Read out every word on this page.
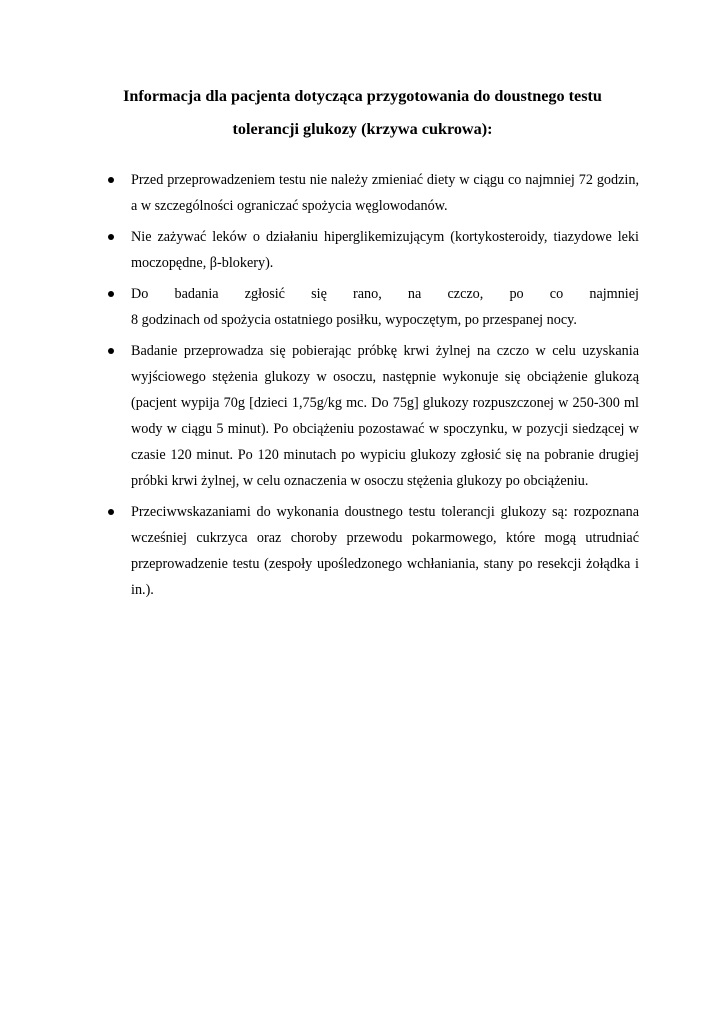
Informacja dla pacjenta dotycząca przygotowania do doustnego testu
tolerancji glukozy (krzywa cukrowa):
Przed przeprowadzeniem testu nie należy zmieniać diety w ciągu co najmniej 72 godzin, a w szczególności ograniczać spożycia węglowodanów.
Nie zażywać leków o działaniu hiperglikemizującym (kortykosteroidy, tiazydowe leki moczopędne, β-blokery).
Do badania zgłosić się rano, na czczo, po co najmniej
8 godzinach od spożycia ostatniego posiłku, wypoczętym, po przespanej nocy.
Badanie przeprowadza się pobierając próbkę krwi żylnej na czczo w celu uzyskania wyjściowego stężenia glukozy w osoczu, następnie wykonuje się obciążenie glukozą (pacjent wypija 70g [dzieci 1,75g/kg mc. Do 75g] glukozy rozpuszczonej w 250-300 ml wody w ciągu 5 minut). Po obciążeniu pozostawać w spoczynku, w pozycji siedzącej w czasie 120 minut. Po 120 minutach po wypiciu glukozy zgłosić się na pobranie drugiej próbki krwi żylnej, w celu oznaczenia w osoczu stężenia glukozy po obciążeniu.
Przeciwwskazaniami do wykonania doustnego testu tolerancji glukozy są: rozpoznana wcześniej cukrzyca oraz choroby przewodu pokarmowego, które mogą utrudniać przeprowadzenie testu (zespoły upośledzonego wchłaniania, stany po resekcji żołądka i in.).
